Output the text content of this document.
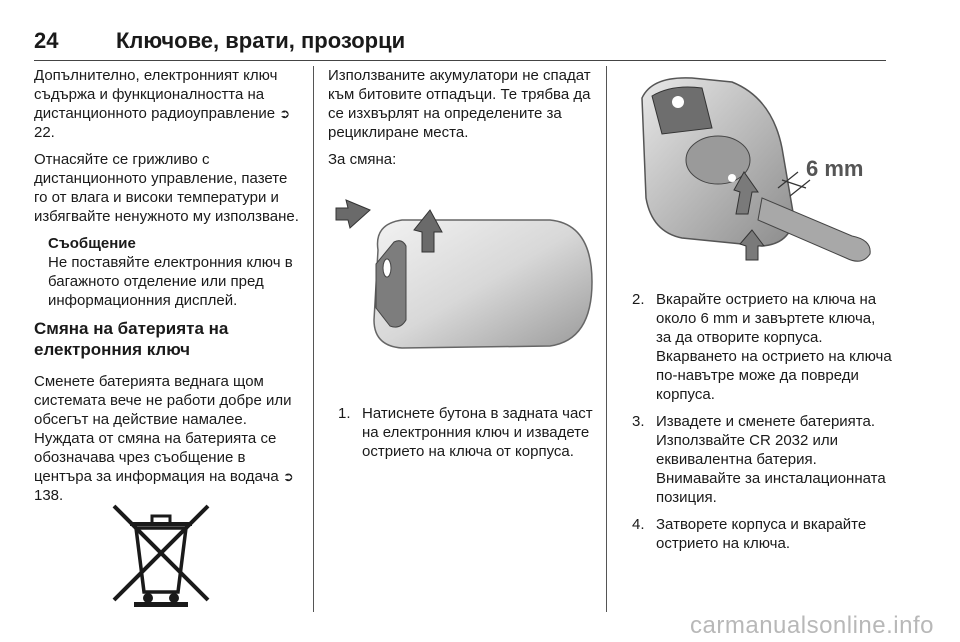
24	Ключове, врати, прозорци

Допълнително, електронният ключ съдържа и функционалността на дистанционното радиоуправление ➲22.

Отнасяйте се грижливо с дистанционното управление, пазете го от влага и високи температури и избягвайте ненужното му използване.

Съобщение
Не поставяйте електронния ключ в багажното отделение или пред информационния дисплей.
Смяна на батерията на електронния ключ

Сменете батерията веднага щом системата вече не работи добре или обсегът на действие намалее. Нуждата от смяна на батерията се обозначава чрез съобщение в центъра за информация на водача ➲138.

Използваните акумулатори не спадат към битовите отпадъци. Те трябва да се изхвърлят на определените за рециклиране места.

За смяна:

1. Натиснете бутона в задната част на електронния ключ и извадете острието на ключа от корпуса.
6 mm
2. Вкарайте острието на ключа на около 6 mm и завъртете ключа, за да отворите корпуса. Вкарването на острието на ключа по-навътре може да повреди корпуса.
3. Извадете и сменете батерията. Използвайте CR 2032 или еквивалентна батерия. Внимавайте за инсталационната позиция.
4. Затворете корпуса и вкарайте острието на ключа.
carmanualsonline.info
